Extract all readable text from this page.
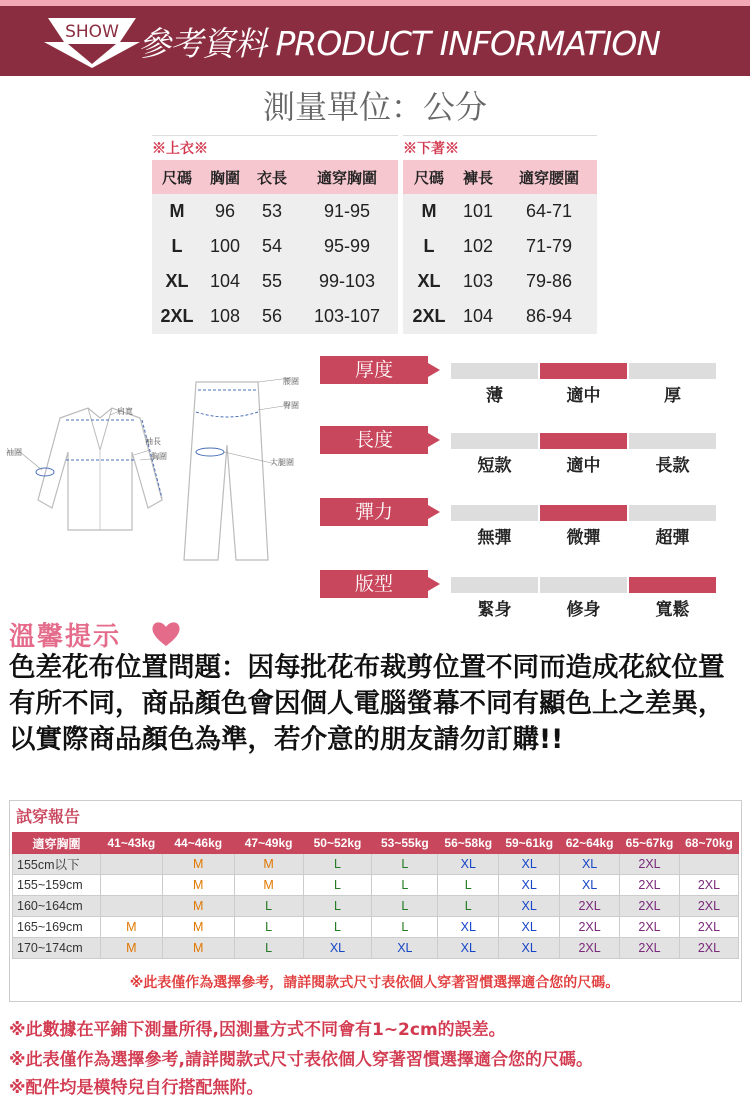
SHOW 參考資料 PRODUCT INFORMATION
測量單位：公分
※上衣※			
尺碼	胸圍	衣長	適穿胸圍
M	96	53	91-95
L	100	54	95-99
XL	104	55	99-103
2XL	108	56	103-107
※下著※		
尺碼	褲長	適穿腰圍
M	101	64-71
L	102	71-79
XL	103	79-86
2XL	104	86-94
肩寬
袖圍
袖長
胸圍
腰圍
臀圍
大腿圍
厚度
薄	適中	厚
長度
短款	適中	長款
彈力
無彈	微彈	超彈
版型
緊身	修身	寬鬆
溫馨提示
色差花布位置問題：因每批花布裁剪位置不同而造成花紋位置有所不同，商品顏色會因個人電腦螢幕不同有顯色上之差異，以實際商品顏色為準，若介意的朋友請勿訂購!!
試穿報告
適穿胸圍	41~43kg	44~46kg	47~49kg	50~52kg	53~55kg	56~58kg	59~61kg	62~64kg	65~67kg	68~70kg
155cm以下		M	M	L	L	XL	XL	XL	2XL	
155~159cm		M	M	L	L	L	XL	XL	2XL	2XL
160~164cm		M	L	L	L	L	XL	2XL	2XL	2XL
165~169cm	M	M	L	L	L	XL	XL	2XL	2XL	2XL
170~174cm	M	M	L	XL	XL	XL	XL	2XL	2XL	2XL
※此表僅作為選擇參考，請詳閱款式尺寸表依個人穿著習慣選擇適合您的尺碼。
※此數據在平鋪下測量所得,因測量方式不同會有1~2cm的誤差。
※此表僅作為選擇參考,請詳閱款式尺寸表依個人穿著習慣選擇適合您的尺碼。
※配件均是模特兒自行搭配無附。
